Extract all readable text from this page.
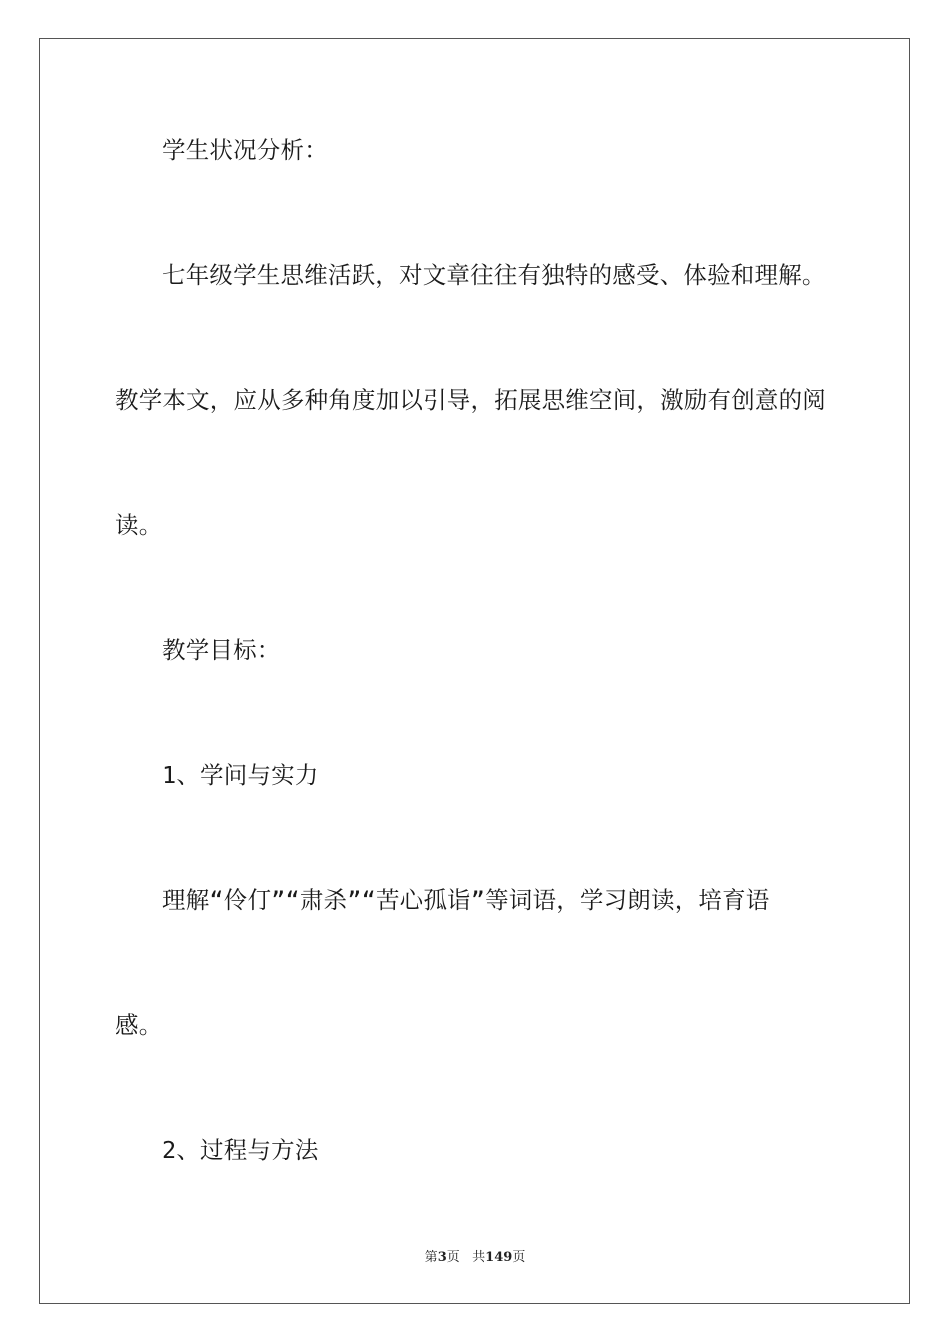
学生状况分析：
七年级学生思维活跃，对文章往往有独特的感受、体验和理解。
教学本文，应从多种角度加以引导，拓展思维空间，激励有创意的阅
读。
教学目标：
1、学问与实力
理解“伶仃”“肃杀”“苦心孤诣”等词语，学习朗读，培育语
感。
2、过程与方法
第3页 共149页
